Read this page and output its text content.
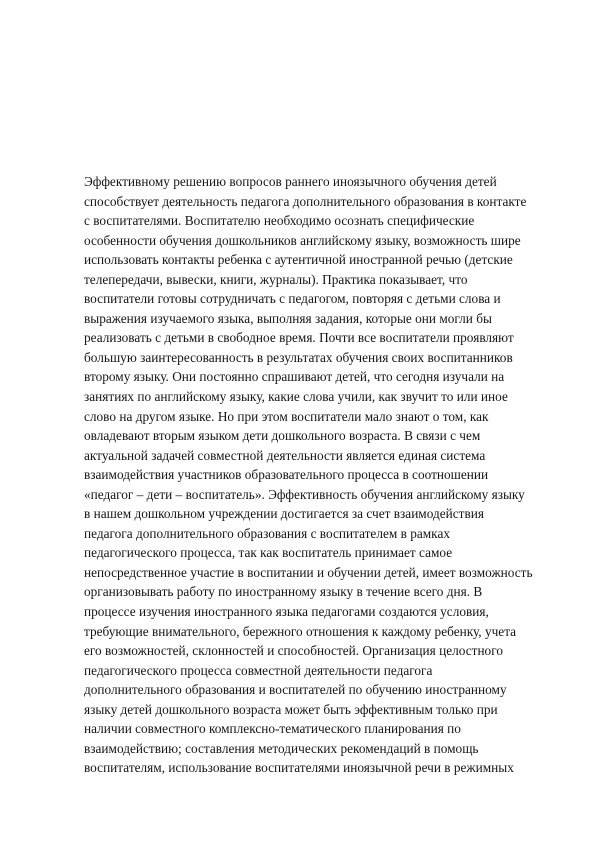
Эффективному решению вопросов раннего иноязычного обучения детей
способствует деятельность педагога дополнительного образования в контакте
с воспитателями. Воспитателю необходимо осознать специфические
особенности обучения дошкольников английскому языку, возможность шире
использовать контакты ребенка с аутентичной иностранной речью (детские
телепередачи, вывески, книги, журналы). Практика показывает, что
воспитатели готовы сотрудничать с педагогом, повторяя с детьми слова и
выражения изучаемого языка, выполняя задания, которые они могли бы
реализовать с детьми в свободное время. Почти все воспитатели проявляют
большую заинтересованность в результатах обучения своих воспитанников
второму языку. Они постоянно спрашивают детей, что сегодня изучали на
занятиях по английскому языку, какие слова учили, как звучит то или иное
слово на другом языке. Но при этом воспитатели мало знают о том, как
овладевают вторым языком дети дошкольного возраста. В связи с чем
актуальной задачей совместной деятельности является единая система
взаимодействия участников образовательного процесса в соотношении
«педагог – дети – воспитатель». Эффективность обучения английскому языку
в нашем дошкольном учреждении достигается за счет взаимодействия
педагога дополнительного образования с воспитателем в рамках
педагогического процесса, так как воспитатель принимает самое
непосредственное участие в воспитании и обучении детей, имеет возможность
организовывать работу по иностранному языку в течение всего дня. В
процессе изучения иностранного языка педагогами создаются условия,
требующие внимательного, бережного отношения к каждому ребенку, учета
его возможностей, склонностей и способностей. Организация целостного
педагогического процесса совместной деятельности педагога
дополнительного образования и воспитателей по обучению иностранному
языку детей дошкольного возраста может быть эффективным только при
наличии совместного комплексно-тематического планирования по
взаимодействию; составления методических рекомендаций в помощь
воспитателям, использование воспитателями иноязычной речи в режимных
